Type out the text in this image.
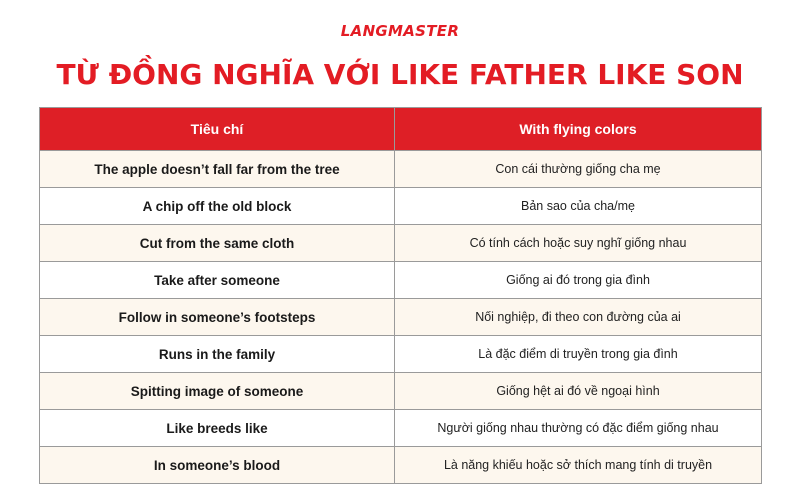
LANGMASTER
TỪ ĐỒNG NGHĨA VỚI LIKE FATHER LIKE SON
Tiêu chí	With flying colors
The apple doesn’t fall far from the tree	Con cái thường giống cha mẹ
A chip off the old block	Bản sao của cha/mẹ
Cut from the same cloth	Có tính cách hoặc suy nghĩ giống nhau
Take after someone	Giống ai đó trong gia đình
Follow in someone’s footsteps	Nối nghiệp, đi theo con đường của ai
Runs in the family	Là đặc điểm di truyền trong gia đình
Spitting image of someone	Giống hệt ai đó về ngoại hình
Like breeds like	Người giống nhau thường có đặc điểm giống nhau
In someone’s blood	Là năng khiếu hoặc sở thích mang tính di truyền
